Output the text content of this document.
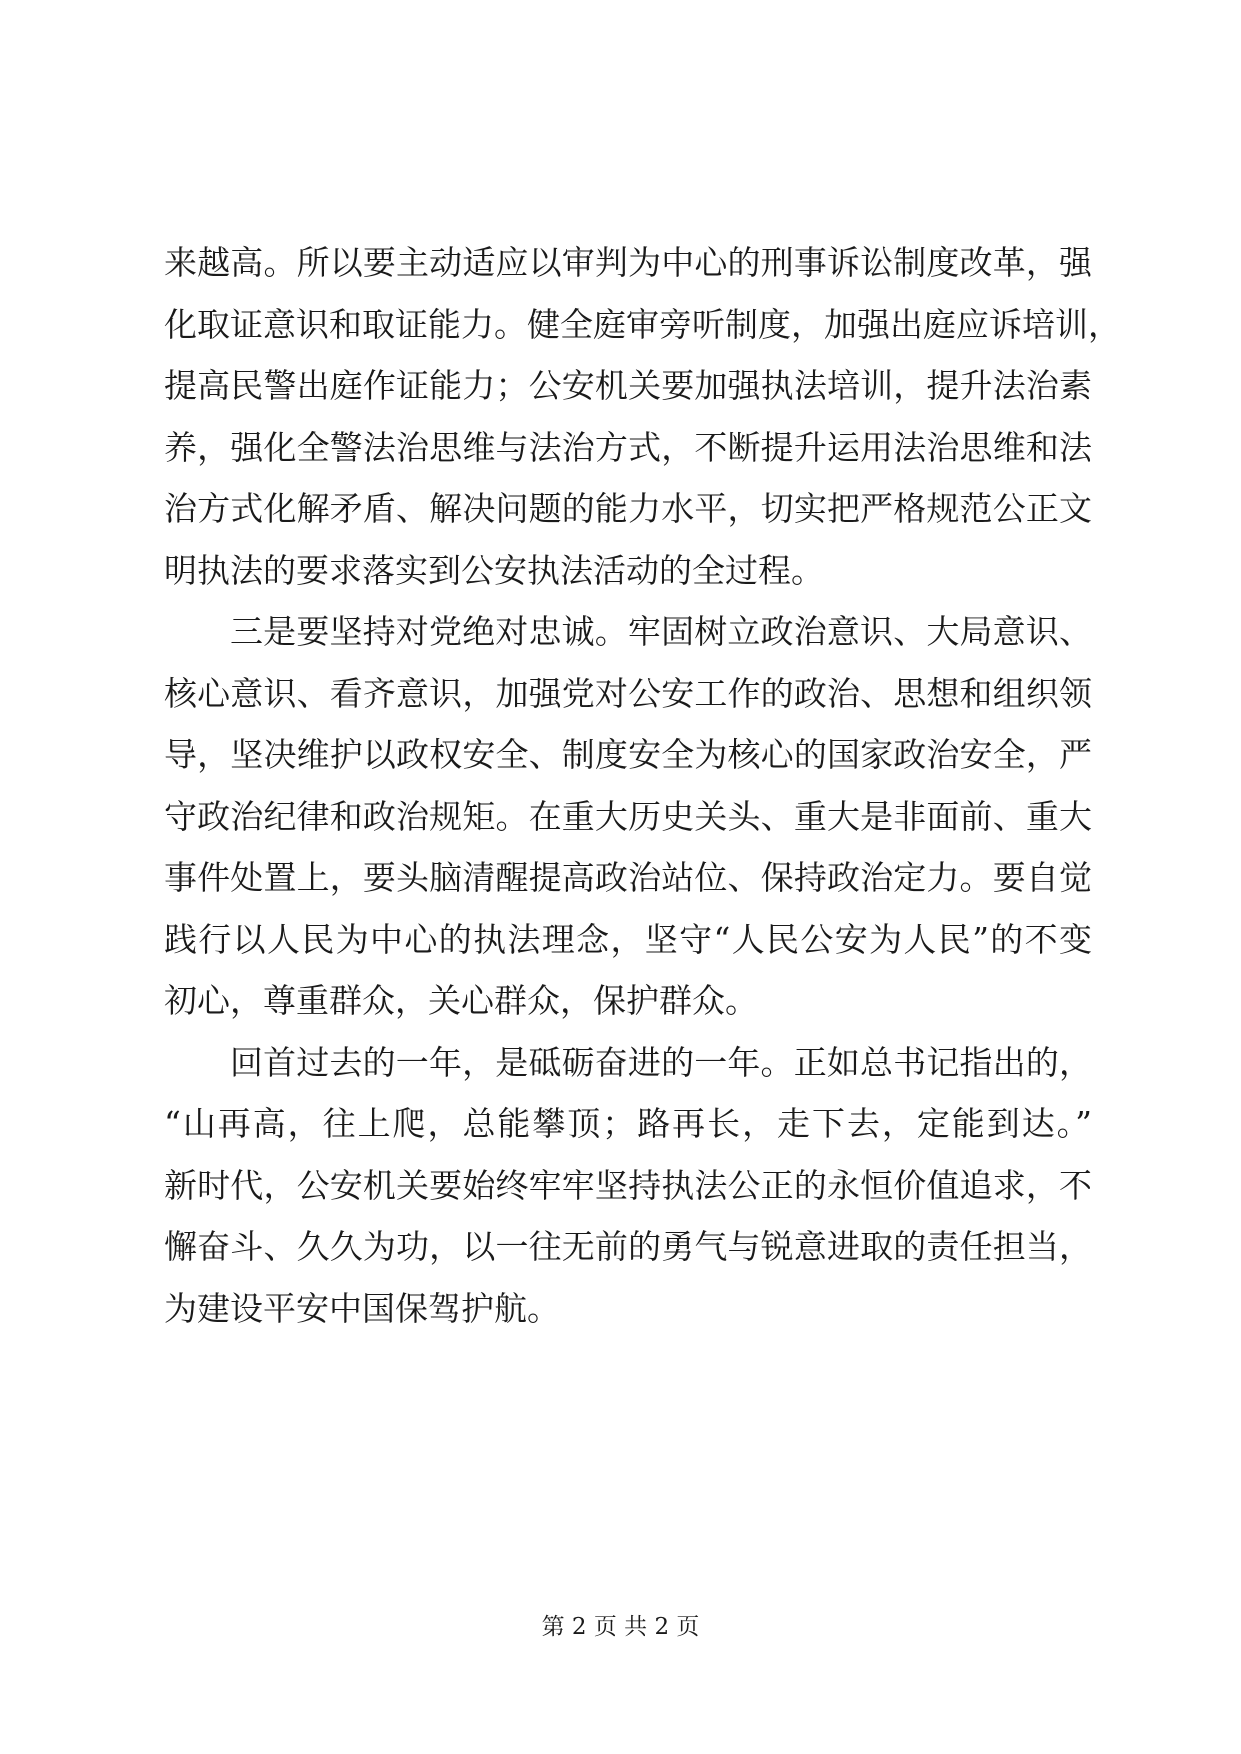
来越高。所以要主动适应以审判为中心的刑事诉讼制度改革，强
化取证意识和取证能力。健全庭审旁听制度，加强出庭应诉培训，
提高民警出庭作证能力；公安机关要加强执法培训，提升法治素
养，强化全警法治思维与法治方式，不断提升运用法治思维和法
治方式化解矛盾、解决问题的能力水平，切实把严格规范公正文
明执法的要求落实到公安执法活动的全过程。
三是要坚持对党绝对忠诚。牢固树立政治意识、大局意识、
核心意识、看齐意识，加强党对公安工作的政治、思想和组织领
导，坚决维护以政权安全、制度安全为核心的国家政治安全，严
守政治纪律和政治规矩。在重大历史关头、重大是非面前、重大
事件处置上，要头脑清醒提高政治站位、保持政治定力。要自觉
践行以人民为中心的执法理念，坚守“人民公安为人民”的不变
初心，尊重群众，关心群众，保护群众。
回首过去的一年，是砥砺奋进的一年。正如总书记指出的，
“山再高，往上爬，总能攀顶；路再长，走下去，定能到达。”
新时代，公安机关要始终牢牢坚持执法公正的永恒价值追求，不
懈奋斗、久久为功，以一往无前的勇气与锐意进取的责任担当，
为建设平安中国保驾护航。
第 2 页 共 2 页
